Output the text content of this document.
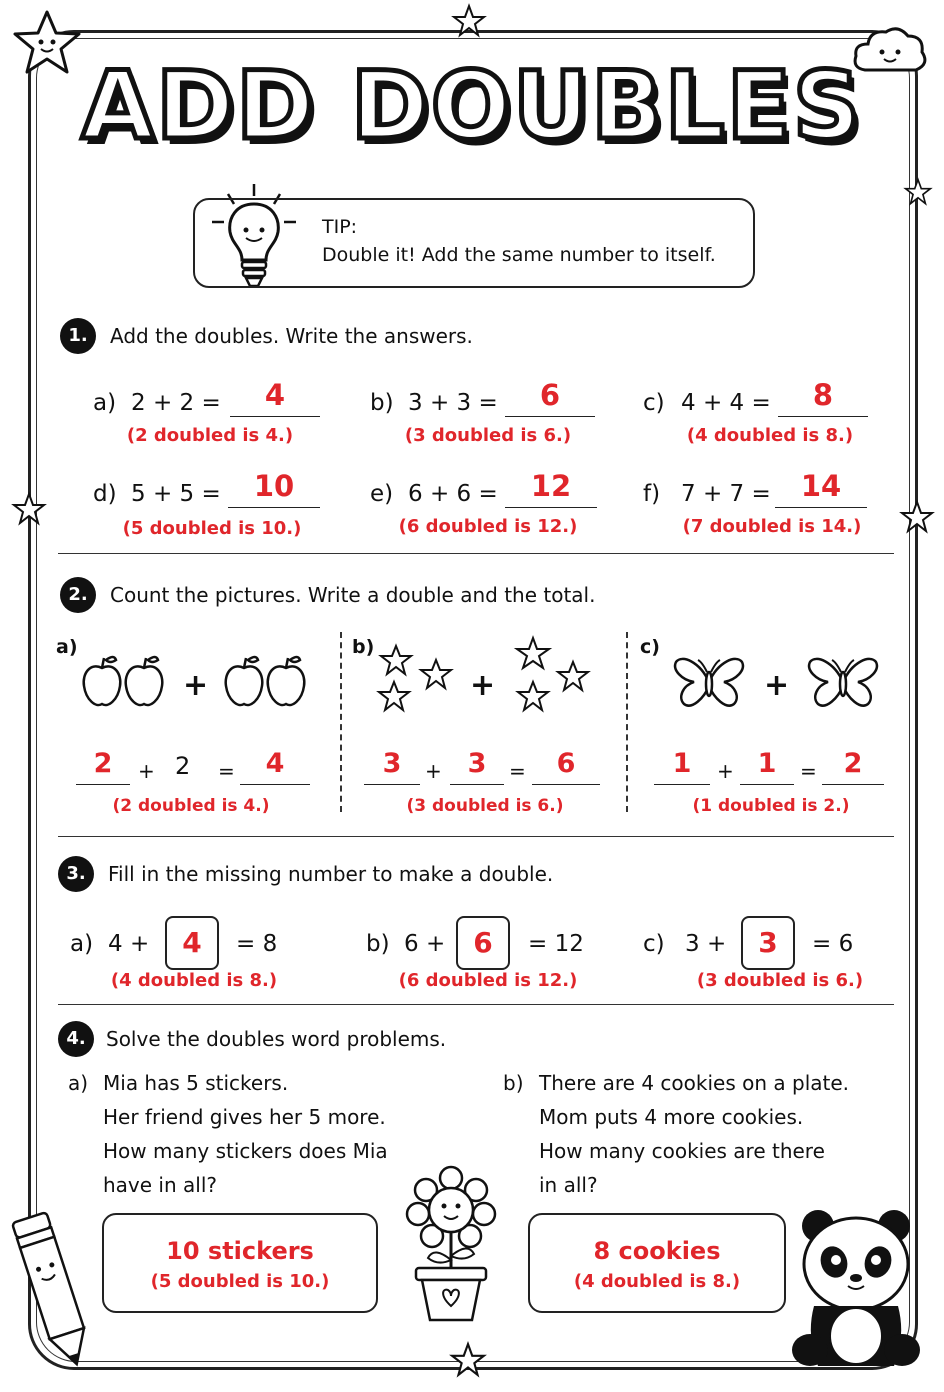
ADD DOUBLES
TIP:
Double it! Add the same number to itself.
1.	Add the doubles. Write the answers.
a) 2 + 2 =	4
(2 doubled is 4.)
b) 3 + 3 =	6
(3 doubled is 6.)
c) 4 + 4 =	8
(4 doubled is 8.)
d) 5 + 5 =	10
(5 doubled is 10.)
e) 6 + 6 =	12
(6 doubled is 12.)
f) 7 + 7 =	14
(7 doubled is 14.)
2.	Count the pictures. Write a double and the total.
a)
+
2	+ 2 =	4
(2 doubled is 4.)
b)
+
3	+ 3	=	6
(3 doubled is 6.)
c)
+
1	+ 1	= 2
(1 doubled is 2.)
3.	Fill in the missing number to make a double.
a) 4 +	4	= 8
(4 doubled is 8.)
b) 6 +	6	= 12
(6 doubled is 12.)
c) 3 +	3	= 6
(3 doubled is 6.)
4.	Solve the doubles word problems.
a) Mia has 5 stickers.
Her friend gives her 5 more.
How many stickers does Mia
have in all?
b) There are 4 cookies on a plate.
Mom puts 4 more cookies.
How many cookies are there
in all?
10 stickers
(5 doubled is 10.)
8 cookies
(4 doubled is 8.)
